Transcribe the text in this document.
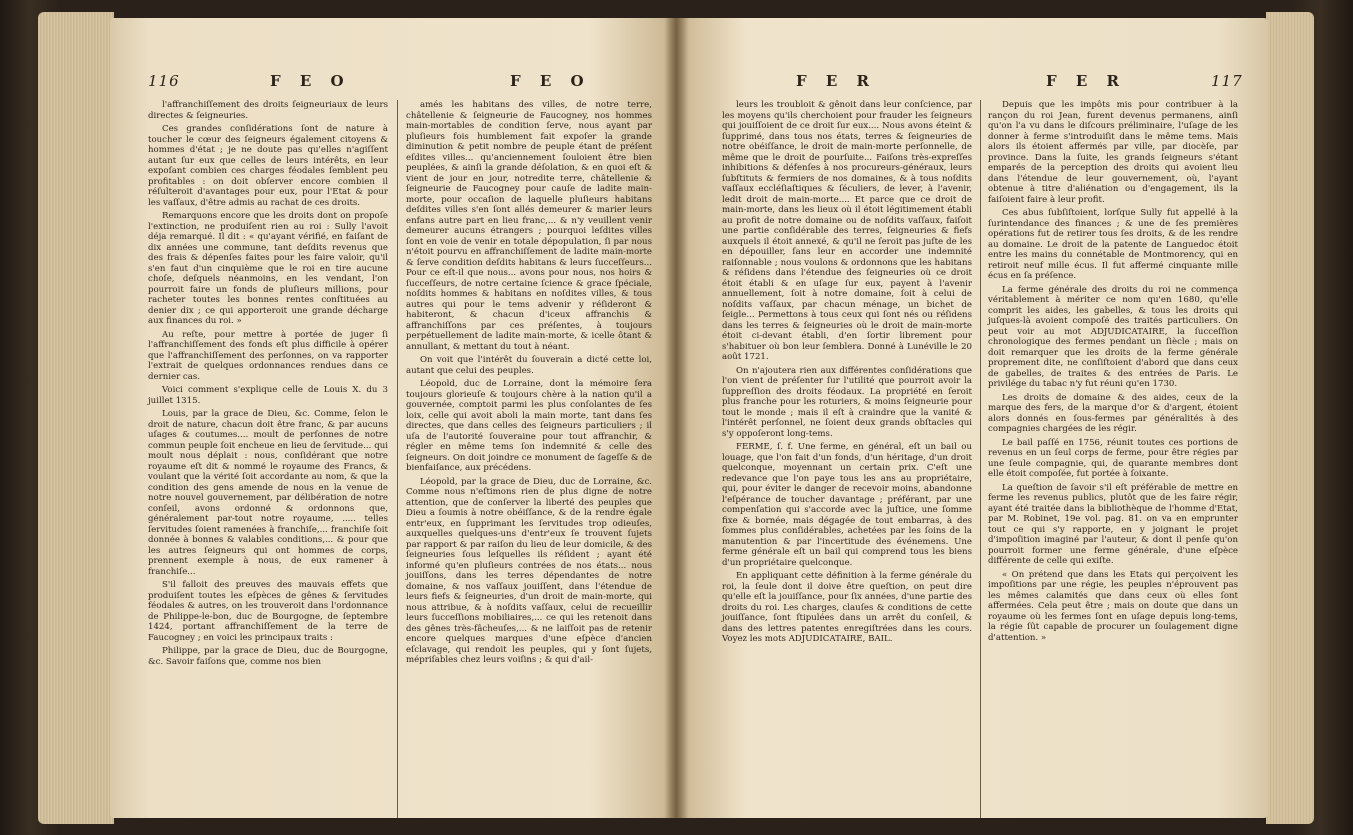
116	F E O	F E O

l'affranchiſſement des droits ſeigneuriaux de leurs directes & ſeigneuries.

Ces grandes conſidérations ſont de nature à toucher le cœur des ſeigneurs également citoyens & hommes d'état ; je ne doute pas qu'elles n'agiſſent autant ſur eux que celles de leurs intérêts, en leur expoſant combien ces charges féodales ſemblent peu profitables : on doit obſerver encore combien il réſulteroit d'avantages pour eux, pour l'Etat & pour les vaſſaux, d'être admis au rachat de ces droits.

Remarquons encore que les droits dont on propoſe l'extinction, ne produiſent rien au roi : Sully l'avoit déja remarqué. Il dit : « qu'ayant vérifié, en faiſant de dix années une commune, tant deſdits revenus que des frais & dépenſes faites pour les faire valoir, qu'il s'en faut d'un cinquième que le roi en tire aucune choſe, deſquels néanmoins, en les vendant, l'on pourroit faire un fonds de pluſieurs millions, pour racheter toutes les bonnes rentes conſtituées au denier dix ; ce qui apporteroit une grande décharge aux finances du roi. »

Au reſte, pour mettre à portée de juger ſi l'affranchiſſement des fonds eſt plus difficile à opérer que l'affranchiſſement des perſonnes, on va rapporter l'extrait de quelques ordonnances rendues dans ce dernier cas.

Voici comment s'explique celle de Louis X. du 3 juillet 1315.

Louis, par la grace de Dieu, &c. Comme, ſelon le droit de nature, chacun doit être franc, & par aucuns uſages & coutumes.... moult de perſonnes de notre commun peuple ſoit encheue en lieu de ſervitude... qui moult nous déplait : nous, conſidérant que notre royaume eſt dit & nommé le royaume des Francs, & voulant que la vérité ſoit accordante au nom, & que la condition des gens amende de nous en la venue de notre nouvel gouvernement, par délibération de notre conſeil, avons ordonné & ordonnons que, généralement par-tout notre royaume, ..... telles ſervitudes ſoient ramenées à franchiſe,... franchiſe ſoit donnée à bonnes & valables conditions,... & pour que les autres ſeigneurs qui ont hommes de corps, prennent exemple à nous, de eux ramener à franchiſe...

S'il falloit des preuves des mauvais effets que produiſent toutes les eſpèces de gênes & ſervitudes féodales & autres, on les trouveroit dans l'ordonnance de Philippe-le-bon, duc de Bourgogne, de ſeptembre 1424, portant affranchiſſement de la terre de Faucogney ; en voici les principaux traits :

Philippe, par la grace de Dieu, duc de Bourgogne, &c. Savoir faiſons que, comme nos bien

amés les habitans des villes, de notre terre, châtellenie & ſeigneurie de Faucogney, nos hommes main-mortables de condition ſerve, nous ayant par pluſieurs fois humblement fait expoſer la grande diminution & petit nombre de peuple étant de préſent eſdites villes... qu'anciennement ſouloient être bien peuplées, & ainſi la grande déſolation, & en quoi eſt & vient de jour en jour, notredite terre, châtellenie & ſeigneurie de Faucogney pour cauſe de ladite main-morte, pour occaſion de laquelle pluſieurs habitans deſdites villes s'en ſont allés demeurer & marier leurs enfans autre part en lieu franc,... & n'y veuillent venir demeurer aucuns étrangers ; pourquoi leſdites villes ſont en voie de venir en totale dépopulation, ſi par nous n'étoit pourvu en affranchiſſement de ladite main-morte & ſerve condition deſdits habitans & leurs ſucceſſeurs... Pour ce eſt-il que nous... avons pour nous, nos hoirs & ſucceſſeurs, de notre certaine ſcience & grace ſpéciale, noſdits hommes & habitans en noſdites villes, & tous autres qui pour le tems advenir y réſideront & habiteront, & chacun d'iceux affranchis & affranchiſſons par ces préſentes, à toujours perpétuellement de ladite main-morte, & icelle ôtant & annullant, & mettant du tout à néant.

On voit que l'intérêt du ſouverain a dicté cette loi, autant que celui des peuples.

Léopold, duc de Lorraine, dont la mémoire ſera toujours glorieuſe & toujours chère à la nation qu'il a gouvernée, comptoit parmi les plus conſolantes de ſes loix, celle qui avoit aboli la main morte, tant dans ſes directes, que dans celles des ſeigneurs particuliers ; il uſa de l'autorité ſouveraine pour tout affranchir, & régler en même tems ſon indemnité & celle des ſeigneurs. On doit joindre ce monument de ſageſſe & de bienfaiſance, aux précédens.

Léopold, par la grace de Dieu, duc de Lorraine, &c. Comme nous n'eſtimons rien de plus digne de notre attention, que de conſerver la liberté des peuples que Dieu a ſoumis à notre obéiſſance, & de la rendre égale entr'eux, en ſupprimant les ſervitudes trop odieuſes, auxquelles quelques-uns d'entr'eux ſe trouvent ſujets par rapport & par raiſon du lieu de leur domicile, & des ſeigneuries ſous leſquelles ils réſident ; ayant été informé qu'en pluſieurs contrées de nos états... nous jouiſſons, dans les terres dépendantes de notre domaine, & nos vaſſaux jouiſſent, dans l'étendue de leurs fiefs & ſeigneuries, d'un droit de main-morte, qui nous attribue, & à noſdits vaſſaux, celui de recueillir leurs ſucceſſions mobiliaires,... ce qui les retenoit dans des gênes très-fâcheuſes,... & ne laiſſoit pas de retenir encore quelques marques d'une eſpèce d'ancien eſclavage, qui rendoit les peuples, qui y ſont ſujets, mépriſables chez leurs voiſins ; & qui d'ail-

F E R	F E R	117

leurs les troubloit & gênoit dans leur conſcience, par les moyens qu'ils cherchoient pour frauder les ſeigneurs qui jouiſſoient de ce droit ſur eux.... Nous avons éteint & ſupprimé, dans tous nos états, terres & ſeigneuries de notre obéiſſance, le droit de main-morte perſonnelle, de même que le droit de pourſuite... Faiſons très-expreſſes inhibitions & défenſes à nos procureurs-généraux, leurs ſubſtituts & fermiers de nos domaines, & à tous noſdits vaſſaux eccléſiaſtiques & ſéculiers, de lever, à l'avenir, ledit droit de main-morte.... Et parce que ce droit de main-morte, dans les lieux où il étoit légitimement établi au profit de notre domaine ou de noſdits vaſſaux, faiſoit une partie conſidérable des terres, ſeigneuries & fiefs auxquels il étoit annexé, & qu'il ne ſeroit pas juſte de les en dépouiller, ſans leur en accorder une indemnité raiſonnable ; nous voulons & ordonnons que les habitans & réſidens dans l'étendue des ſeigneuries où ce droit étoit établi & en uſage ſur eux, payent à l'avenir annuellement, ſoit à notre domaine, ſoit à celui de noſdits vaſſaux, par chacun ménage, un bichet de ſeigle... Permettons à tous ceux qui ſont nés ou réſidens dans les terres & ſeigneuries où le droit de main-morte étoit ci-devant établi, d'en ſortir librement pour s'habituer où bon leur ſemblera. Donné à Lunéville le 20 août 1721.

On n'ajoutera rien aux différentes conſidérations que l'on vient de préſenter ſur l'utilité que pourroit avoir la ſuppreſſion des droits féodaux. La propriété en ſeroit plus franche pour les roturiers, & moins ſeigneurie pour tout le monde ; mais il eſt à craindre que la vanité & l'intérêt perſonnel, ne ſoient deux grands obſtacles qui s'y oppoſeront long-tems.

FERME, ſ. f. Une ferme, en général, eſt un bail ou louage, que l'on fait d'un fonds, d'un héritage, d'un droit quelconque, moyennant un certain prix. C'eſt une redevance que l'on paye tous les ans au propriétaire, qui, pour éviter le danger de recevoir moins, abandonne l'eſpérance de toucher davantage ; préférant, par une compenſation qui s'accorde avec la juſtice, une ſomme fixe & bornée, mais dégagée de tout embarras, à des ſommes plus conſidérables, achetées par les ſoins de la manutention & par l'incertitude des événemens. Une ferme générale eſt un bail qui comprend tous les biens d'un propriétaire quelconque.

En appliquant cette définition à la ferme générale du roi, la ſeule dont il doive être queſtion, on peut dire qu'elle eſt la jouiſſance, pour ſix années, d'une partie des droits du roi. Les charges, clauſes & conditions de cette jouiſſance, ſont ſtipulées dans un arrêt du conſeil, & dans des lettres patentes enregiſtrées dans les cours. Voyez les mots ADJUDICATAIRE, BAIL.

Depuis que les impôts mis pour contribuer à la rançon du roi Jean, furent devenus permanens, ainſi qu'on l'a vu dans le diſcours préliminaire, l'uſage de les donner à ferme s'introduiſit dans le même tems. Mais alors ils étoient affermés par ville, par diocèſe, par province. Dans la ſuite, les grands ſeigneurs s'étant emparés de la perception des droits qui avoient lieu dans l'étendue de leur gouvernement, où, l'ayant obtenue à titre d'aliénation ou d'engagement, ils la faiſoient faire à leur profit.

Ces abus ſubſiſtoient, lorſque Sully fut appellé à la ſurintendance des finances ; & une de ſes premières opérations fut de retirer tous ſes droits, & de les rendre au domaine. Le droit de la patente de Languedoc étoit entre les mains du connétable de Montmorency, qui en retiroit neuf mille écus. Il fut affermé cinquante mille écus en ſa préſence.

La ferme générale des droits du roi ne commença véritablement à mériter ce nom qu'en 1680, qu'elle comprit les aides, les gabelles, & tous les droits qui juſques-là avoient compoſé des traités particuliers. On peut voir au mot ADJUDICATAIRE, la ſucceſſion chronologique des fermes pendant un ſiècle ; mais on doit remarquer que les droits de la ferme générale proprement dite, ne conſiſtoient d'abord que dans ceux de gabelles, de traites & des entrées de Paris. Le privilége du tabac n'y fut réuni qu'en 1730.

Les droits de domaine & des aides, ceux de la marque des fers, de la marque d'or & d'argent, étoient alors donnés en ſous-fermes par généralités à des compagnies chargées de les régir.

Le bail paſſé en 1756, réunit toutes ces portions de revenus en un ſeul corps de ferme, pour être régies par une ſeule compagnie, qui, de quarante membres dont elle étoit compoſée, fut portée à ſoixante.

La queſtion de ſavoir s'il eſt préférable de mettre en ferme les revenus publics, plutôt que de les faire régir, ayant été traitée dans la bibliothèque de l'homme d'Etat, par M. Robinet, 19e vol. pag. 81. on va en emprunter tout ce qui s'y rapporte, en y joignant le projet d'impoſition imaginé par l'auteur, & dont il penſe qu'on pourroit former une ferme générale, d'une eſpèce différente de celle qui exiſte.

« On prétend que dans les Etats qui perçoivent les impoſitions par une régie, les peuples n'éprouvent pas les mêmes calamités que dans ceux où elles ſont affermées. Cela peut être ; mais on doute que dans un royaume où les fermes ſont en uſage depuis long-tems, la régie ſût capable de procurer un ſoulagement digne d'attention. »
